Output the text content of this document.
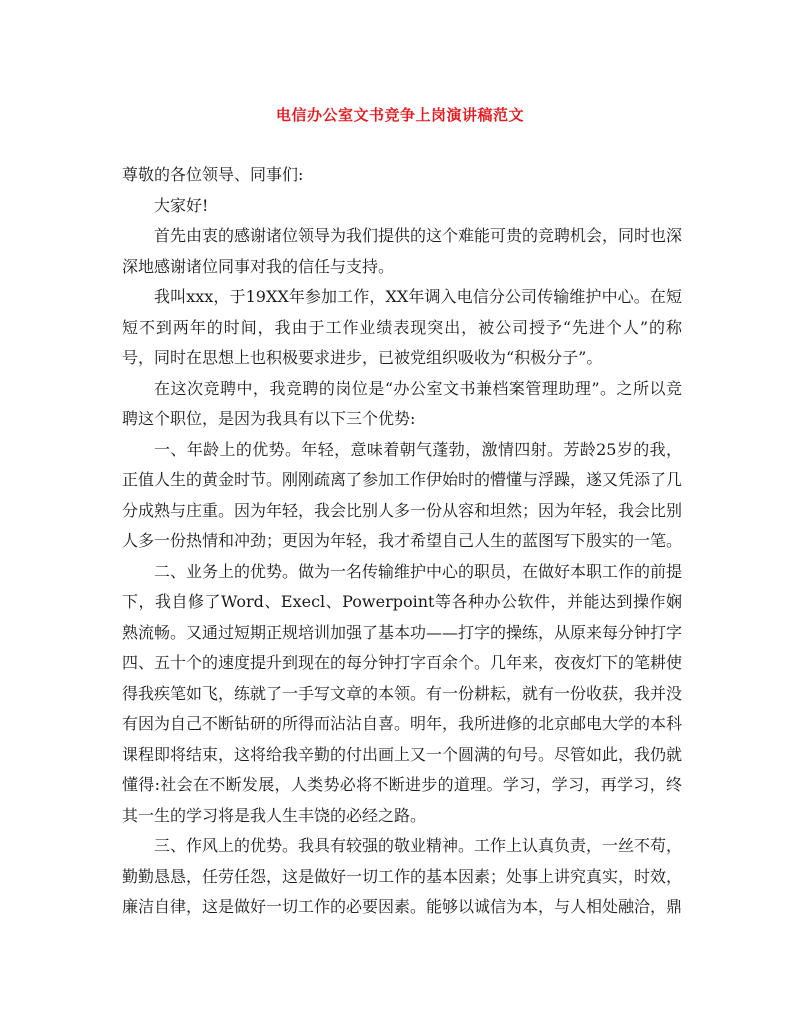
电信办公室文书竞争上岗演讲稿范文

尊敬的各位领导、同事们:

大家好!

首先由衷的感谢诸位领导为我们提供的这个难能可贵的竞聘机会，同时也深深地感谢诸位同事对我的信任与支持。

我叫xxx，于19XX年参加工作，XX年调入电信分公司传输维护中心。在短短不到两年的时间，我由于工作业绩表现突出，被公司授予“先进个人”的称号，同时在思想上也积极要求进步，已被党组织吸收为“积极分子”。

在这次竞聘中，我竞聘的岗位是“办公室文书兼档案管理助理”。之所以竞聘这个职位，是因为我具有以下三个优势:

一、年龄上的优势。年轻，意味着朝气蓬勃，激情四射。芳龄25岁的我，正值人生的黄金时节。刚刚疏离了参加工作伊始时的懵懂与浮躁，遂又凭添了几分成熟与庄重。因为年轻，我会比别人多一份从容和坦然；因为年轻，我会比别人多一份热情和冲劲；更因为年轻，我才希望自己人生的蓝图写下殷实的一笔。

二、业务上的优势。做为一名传输维护中心的职员，在做好本职工作的前提下，我自修了Word、Execl、Powerpoint等各种办公软件，并能达到操作娴熟流畅。又通过短期正规培训加强了基本功——打字的操练，从原来每分钟打字四、五十个的速度提升到现在的每分钟打字百余个。几年来，夜夜灯下的笔耕使得我疾笔如飞，练就了一手写文章的本领。有一份耕耘，就有一份收获，我并没有因为自己不断钻研的所得而沾沾自喜。明年，我所进修的北京邮电大学的本科课程即将结束，这将给我辛勤的付出画上又一个圆满的句号。尽管如此，我仍就懂得:社会在不断发展，人类势必将不断进步的道理。学习，学习，再学习，终其一生的学习将是我人生丰饶的必经之路。

三、作风上的优势。我具有较强的敬业精神。工作上认真负责，一丝不苟，勤勤恳恳，任劳任怨，这是做好一切工作的基本因素；处事上讲究真实，时效，廉洁自律，这是做好一切工作的必要因素。能够以诚信为本，与人相处融洽，鼎
